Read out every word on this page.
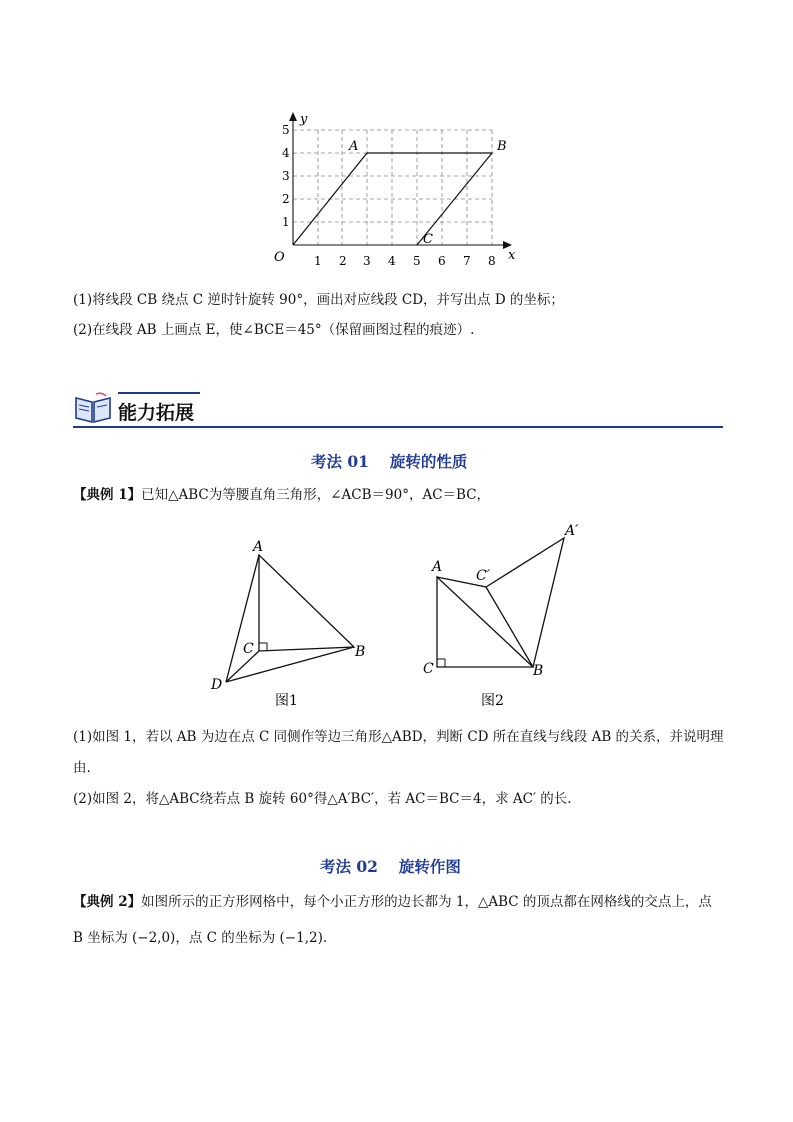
y
x
O 1 2 3 4 5 6 7 8
1
2
3
4
5
A	B
C
(1)将线段 CB 绕点 C 逆时针旋转 90°，画出对应线段 CD，并写出点 D 的坐标；
(2)在线段 AB 上画点 E，使∠BCE＝45°（保留画图过程的痕迹）.
能力拓展
考法 01　 旋转的性质
【典例 1】已知△ABC为等腰直角三角形，∠ACB＝90°，AC＝BC，
A
B
C
D
图1
A
C′
A′
C	B
图2
(1)如图 1，若以 AB 为边在点 C 同侧作等边三角形△ABD，判断 CD 所在直线与线段 AB 的关系，并说明理
由.
(2)如图 2，将△ABC绕若点 B 旋转 60°得△A′BC′，若 AC＝BC＝4，求 AC′ 的长.
考法 02　 旋转作图
【典例 2】如图所示的正方形网格中，每个小正方形的边长都为 1，△ABC 的顶点都在网格线的交点上，点
B 坐标为 (−2,0)，点 C 的坐标为 (−1,2).
